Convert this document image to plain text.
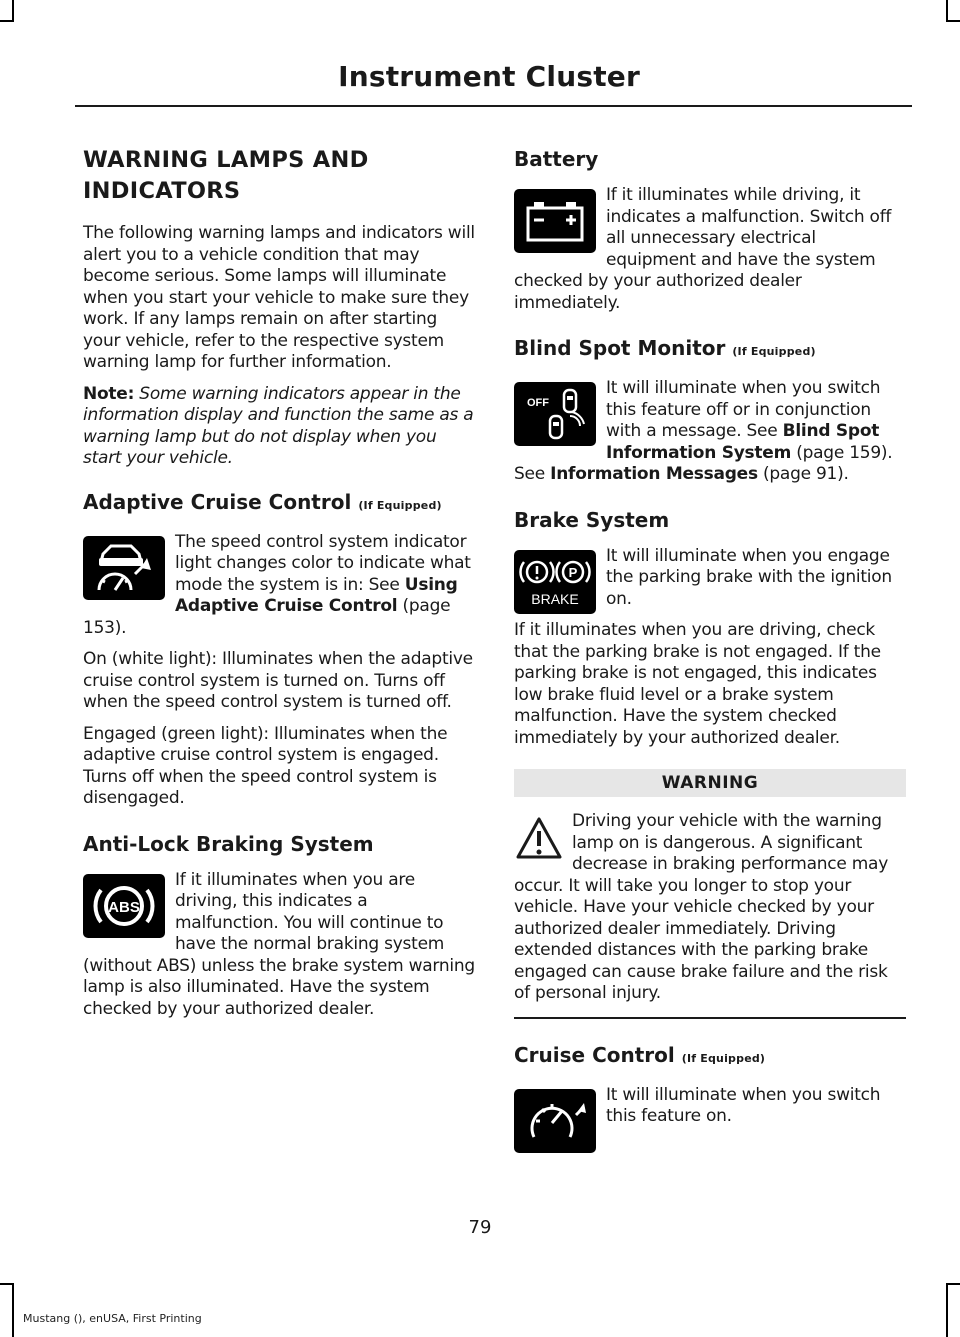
Instrument Cluster
WARNING LAMPS AND INDICATORS

The following warning lamps and indicators will alert you to a vehicle condition that may become serious. Some lamps will illuminate when you start your vehicle to make sure they work. If any lamps remain on after starting your vehicle, refer to the respective system warning lamp for further information.

Note: Some warning indicators appear in the information display and function the same as a warning lamp but do not display when you start your vehicle.

Adaptive Cruise Control (If Equipped)

The speed control system indicator light changes color to indicate what mode the system is in: See Using Adaptive Cruise Control (page 153).

On (white light): Illuminates when the adaptive cruise control system is turned on. Turns off when the speed control system is turned off.

Engaged (green light): Illuminates when the adaptive cruise control system is engaged. Turns off when the speed control system is disengaged.

Anti-Lock Braking System
ABS

If it illuminates when you are driving, this indicates a malfunction. You will continue to have the normal braking system (without ABS) unless the brake system warning lamp is also illuminated. Have the system checked by your authorized dealer.

Battery

If it illuminates while driving, it indicates a malfunction. Switch off all unnecessary electrical equipment and have the system checked by your authorized dealer immediately.

Blind Spot Monitor (If Equipped)
OFF

It will illuminate when you switch this feature off or in conjunction with a message. See Blind Spot Information System (page 159). See Information Messages (page 91).

Brake System
P
BRAKE

It will illuminate when you engage the parking brake with the ignition on.

If it illuminates when you are driving, check that the parking brake is not engaged. If the parking brake is not engaged, this indicates low brake fluid level or a brake system malfunction. Have the system checked immediately by your authorized dealer.

WARNING

Driving your vehicle with the warning lamp on is dangerous. A significant decrease in braking performance may occur. It will take you longer to stop your vehicle. Have your vehicle checked by your authorized dealer immediately. Driving extended distances with the parking brake engaged can cause brake failure and the risk of personal injury.

Cruise Control (If Equipped)

It will illuminate when you switch this feature on.

79
Mustang (), enUSA, First Printing
